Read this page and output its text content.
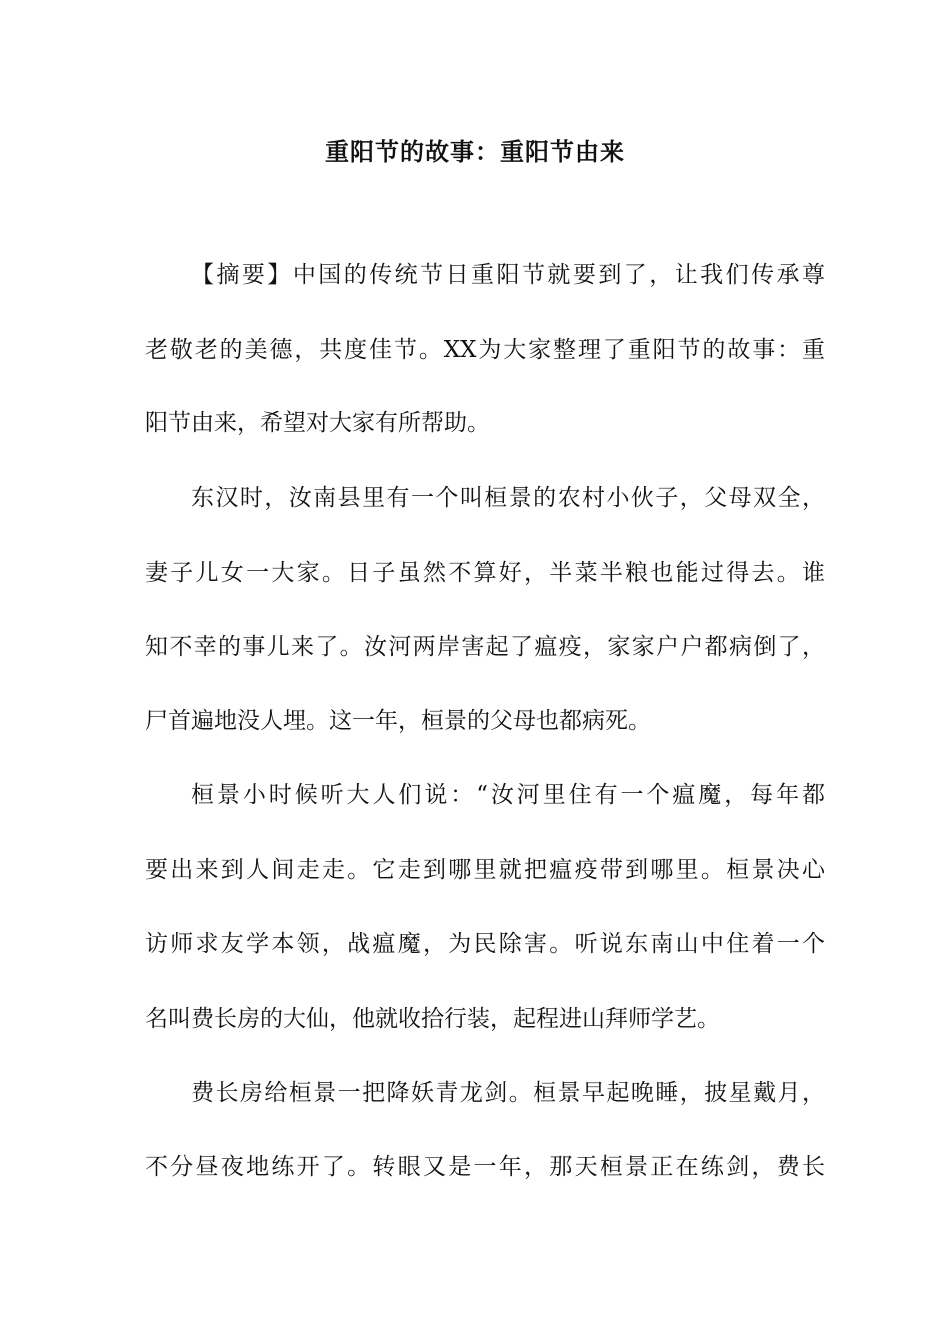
重阳节的故事：重阳节由来

【摘要】中国的传统节日重阳节就要到了，让我们传承尊

老敬老的美德，共度佳节。XX为大家整理了重阳节的故事：重

阳节由来，希望对大家有所帮助。

东汉时，汝南县里有一个叫桓景的农村小伙子，父母双全，

妻子儿女一大家。日子虽然不算好，半菜半粮也能过得去。谁

知不幸的事儿来了。汝河两岸害起了瘟疫，家家户户都病倒了，

尸首遍地没人埋。这一年，桓景的父母也都病死。

桓景小时候听大人们说：“汝河里住有一个瘟魔，每年都

要出来到人间走走。它走到哪里就把瘟疫带到哪里。桓景决心

访师求友学本领，战瘟魔，为民除害。听说东南山中住着一个

名叫费长房的大仙，他就收拾行装，起程进山拜师学艺。

费长房给桓景一把降妖青龙剑。桓景早起晚睡，披星戴月，

不分昼夜地练开了。转眼又是一年，那天桓景正在练剑，费长
